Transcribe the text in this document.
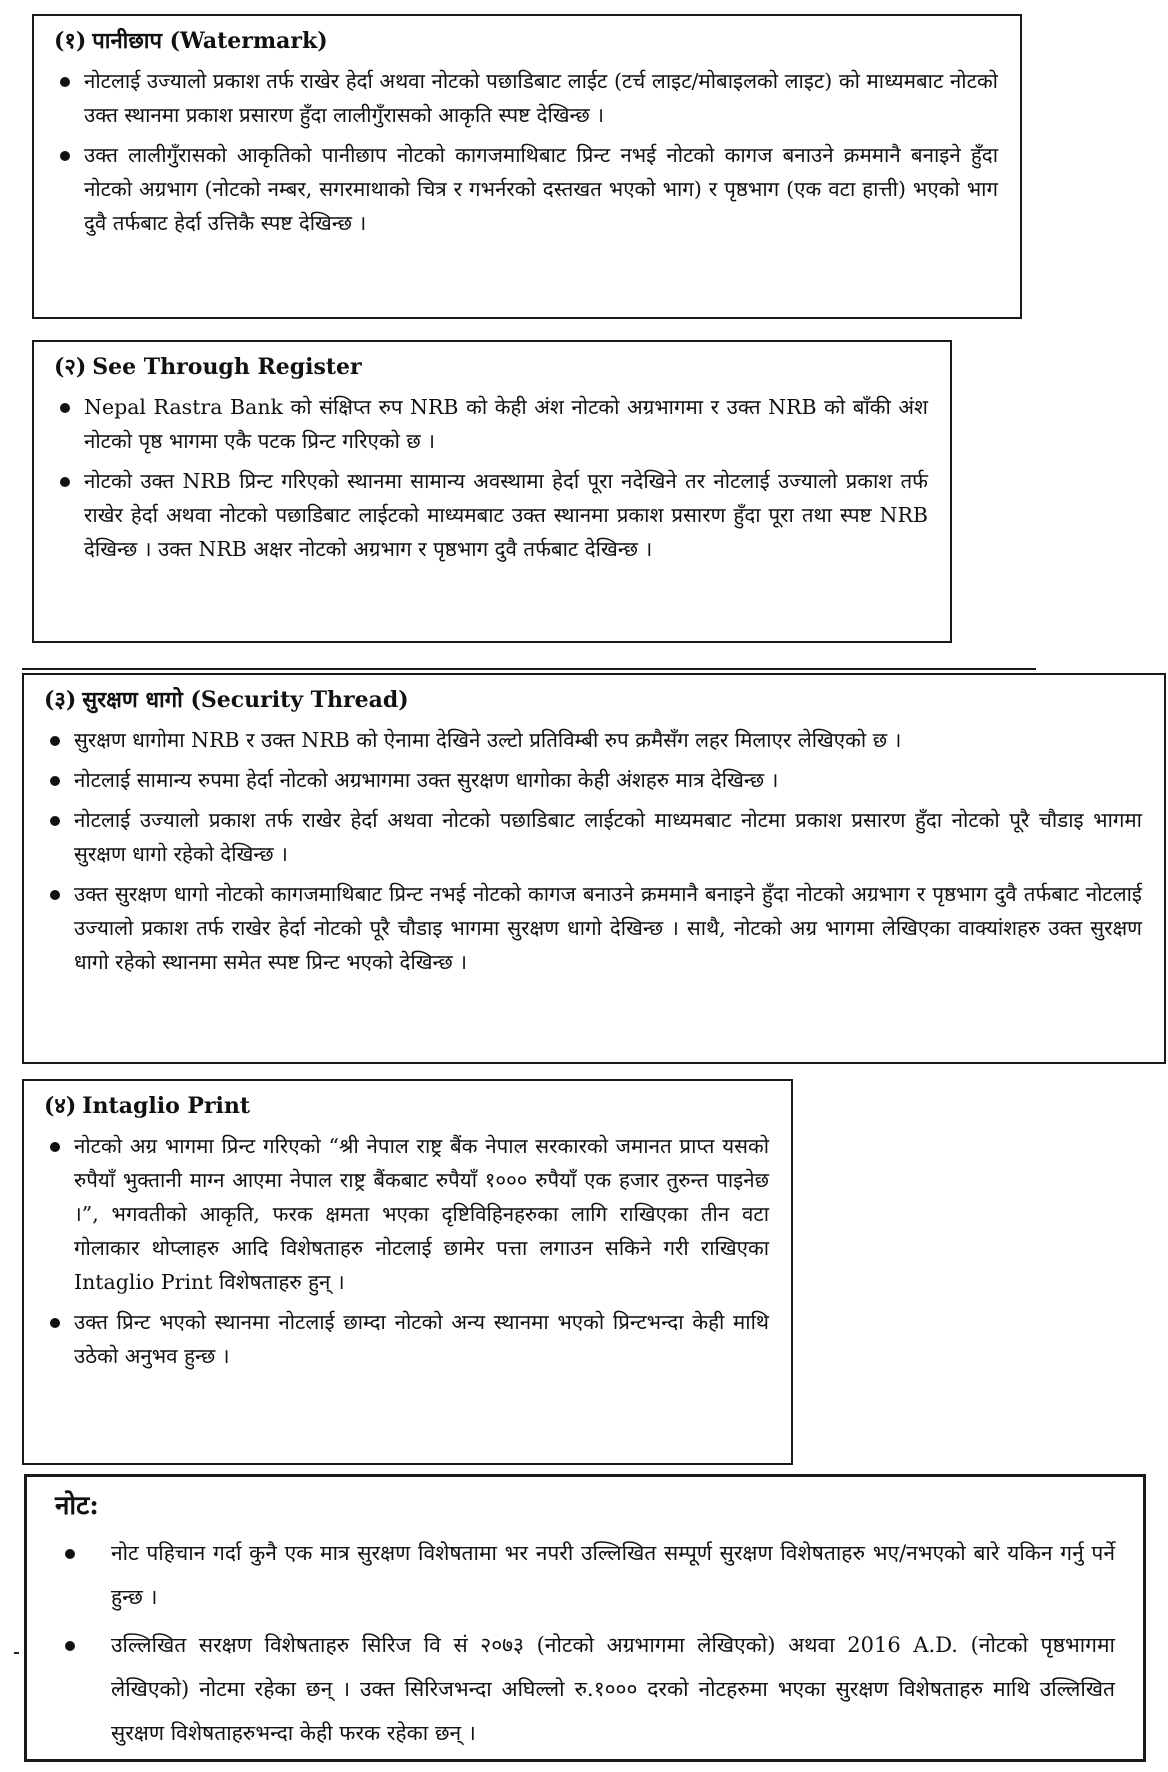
(१) पानीछाप (Watermark)
नोटलाई उज्यालो प्रकाश तर्फ राखेर हेर्दा अथवा नोटको पछाडिबाट लाईट (टर्च लाइट/मोबाइलको लाइट) को माध्यमबाट नोटको उक्त स्थानमा प्रकाश प्रसारण हुँदा लालीगुँरासको आकृति स्पष्ट देखिन्छ ।
उक्त लालीगुँरासको आकृतिको पानीछाप नोटको कागजमाथिबाट प्रिन्ट नभई नोटको कागज बनाउने क्रममानै बनाइने हुँदा नोटको अग्रभाग (नोटको नम्बर, सगरमाथाको चित्र र गभर्नरको दस्तखत भएको भाग) र पृष्ठभाग (एक वटा हात्ती) भएको भाग दुवै तर्फबाट हेर्दा उत्तिकै स्पष्ट देखिन्छ ।
(२) See Through Register
Nepal Rastra Bank को संक्षिप्त रुप NRB को केही अंश नोटको अग्रभागमा र उक्त NRB को बाँकी अंश नोटको पृष्ठ भागमा एकै पटक प्रिन्ट गरिएको छ ।
नोटको उक्त NRB प्रिन्ट गरिएको स्थानमा सामान्य अवस्थामा हेर्दा पूरा नदेखिने तर नोटलाई उज्यालो प्रकाश तर्फ राखेर हेर्दा अथवा नोटको पछाडिबाट लाईटको माध्यमबाट उक्त स्थानमा प्रकाश प्रसारण हुँदा पूरा तथा स्पष्ट NRB देखिन्छ । उक्त NRB अक्षर नोटको अग्रभाग र पृष्ठभाग दुवै तर्फबाट देखिन्छ ।
(३) सुरक्षण धागो (Security Thread)
सुरक्षण धागोमा NRB र उक्त NRB को ऐनामा देखिने उल्टो प्रतिविम्बी रुप क्रमैसँग लहर मिलाएर लेखिएको छ ।
नोटलाई सामान्य रुपमा हेर्दा नोटको अग्रभागमा उक्त सुरक्षण धागोका केही अंशहरु मात्र देखिन्छ ।
नोटलाई उज्यालो प्रकाश तर्फ राखेर हेर्दा अथवा नोटको पछाडिबाट लाईटको माध्यमबाट नोटमा प्रकाश प्रसारण हुँदा नोटको पूरै चौडाइ भागमा सुरक्षण धागो रहेको देखिन्छ ।
उक्त सुरक्षण धागो नोटको कागजमाथिबाट प्रिन्ट नभई नोटको कागज बनाउने क्रममानै बनाइने हुँदा नोटको अग्रभाग र पृष्ठभाग दुवै तर्फबाट नोटलाई उज्यालो प्रकाश तर्फ राखेर हेर्दा नोटको पूरै चौडाइ भागमा सुरक्षण धागो देखिन्छ । साथै, नोटको अग्र भागमा लेखिएका वाक्यांशहरु उक्त सुरक्षण धागो रहेको स्थानमा समेत स्पष्ट प्रिन्ट भएको देखिन्छ ।
(४) Intaglio Print
नोटको अग्र भागमा प्रिन्ट गरिएको “श्री नेपाल राष्ट्र बैंक नेपाल सरकारको जमानत प्राप्त यसको रुपैयाँ भुक्तानी माग्न आएमा नेपाल राष्ट्र बैंकबाट रुपैयाँ १००० रुपैयाँ एक हजार तुरुन्त पाइनेछ ।”, भगवतीको आकृति, फरक क्षमता भएका दृष्टिविहिनहरुका लागि राखिएका तीन वटा गोलाकार थोप्लाहरु आदि विशेषताहरु नोटलाई छामेर पत्ता लगाउन सकिने गरी राखिएका Intaglio Print विशेषताहरु हुन् ।
उक्त प्रिन्ट भएको स्थानमा नोटलाई छाम्दा नोटको अन्य स्थानमा भएको प्रिन्टभन्दा केही माथि उठेको अनुभव हुन्छ ।
नोट:
नोट पहिचान गर्दा कुनै एक मात्र सुरक्षण विशेषतामा भर नपरी उल्लिखित सम्पूर्ण सुरक्षण विशेषताहरु भए/नभएको बारे यकिन गर्नु पर्ने हुन्छ ।
उल्लिखित सरक्षण विशेषताहरु सिरिज वि सं २०७३ (नोटको अग्रभागमा लेखिएको) अथवा 2016 A.D. (नोटको पृष्ठभागमा लेखिएको) नोटमा रहेका छन् । उक्त सिरिजभन्दा अघिल्लो रु.१००० दरको नोटहरुमा भएका सुरक्षण विशेषताहरु माथि उल्लिखित सुरक्षण विशेषताहरुभन्दा केही फरक रहेका छन् ।
